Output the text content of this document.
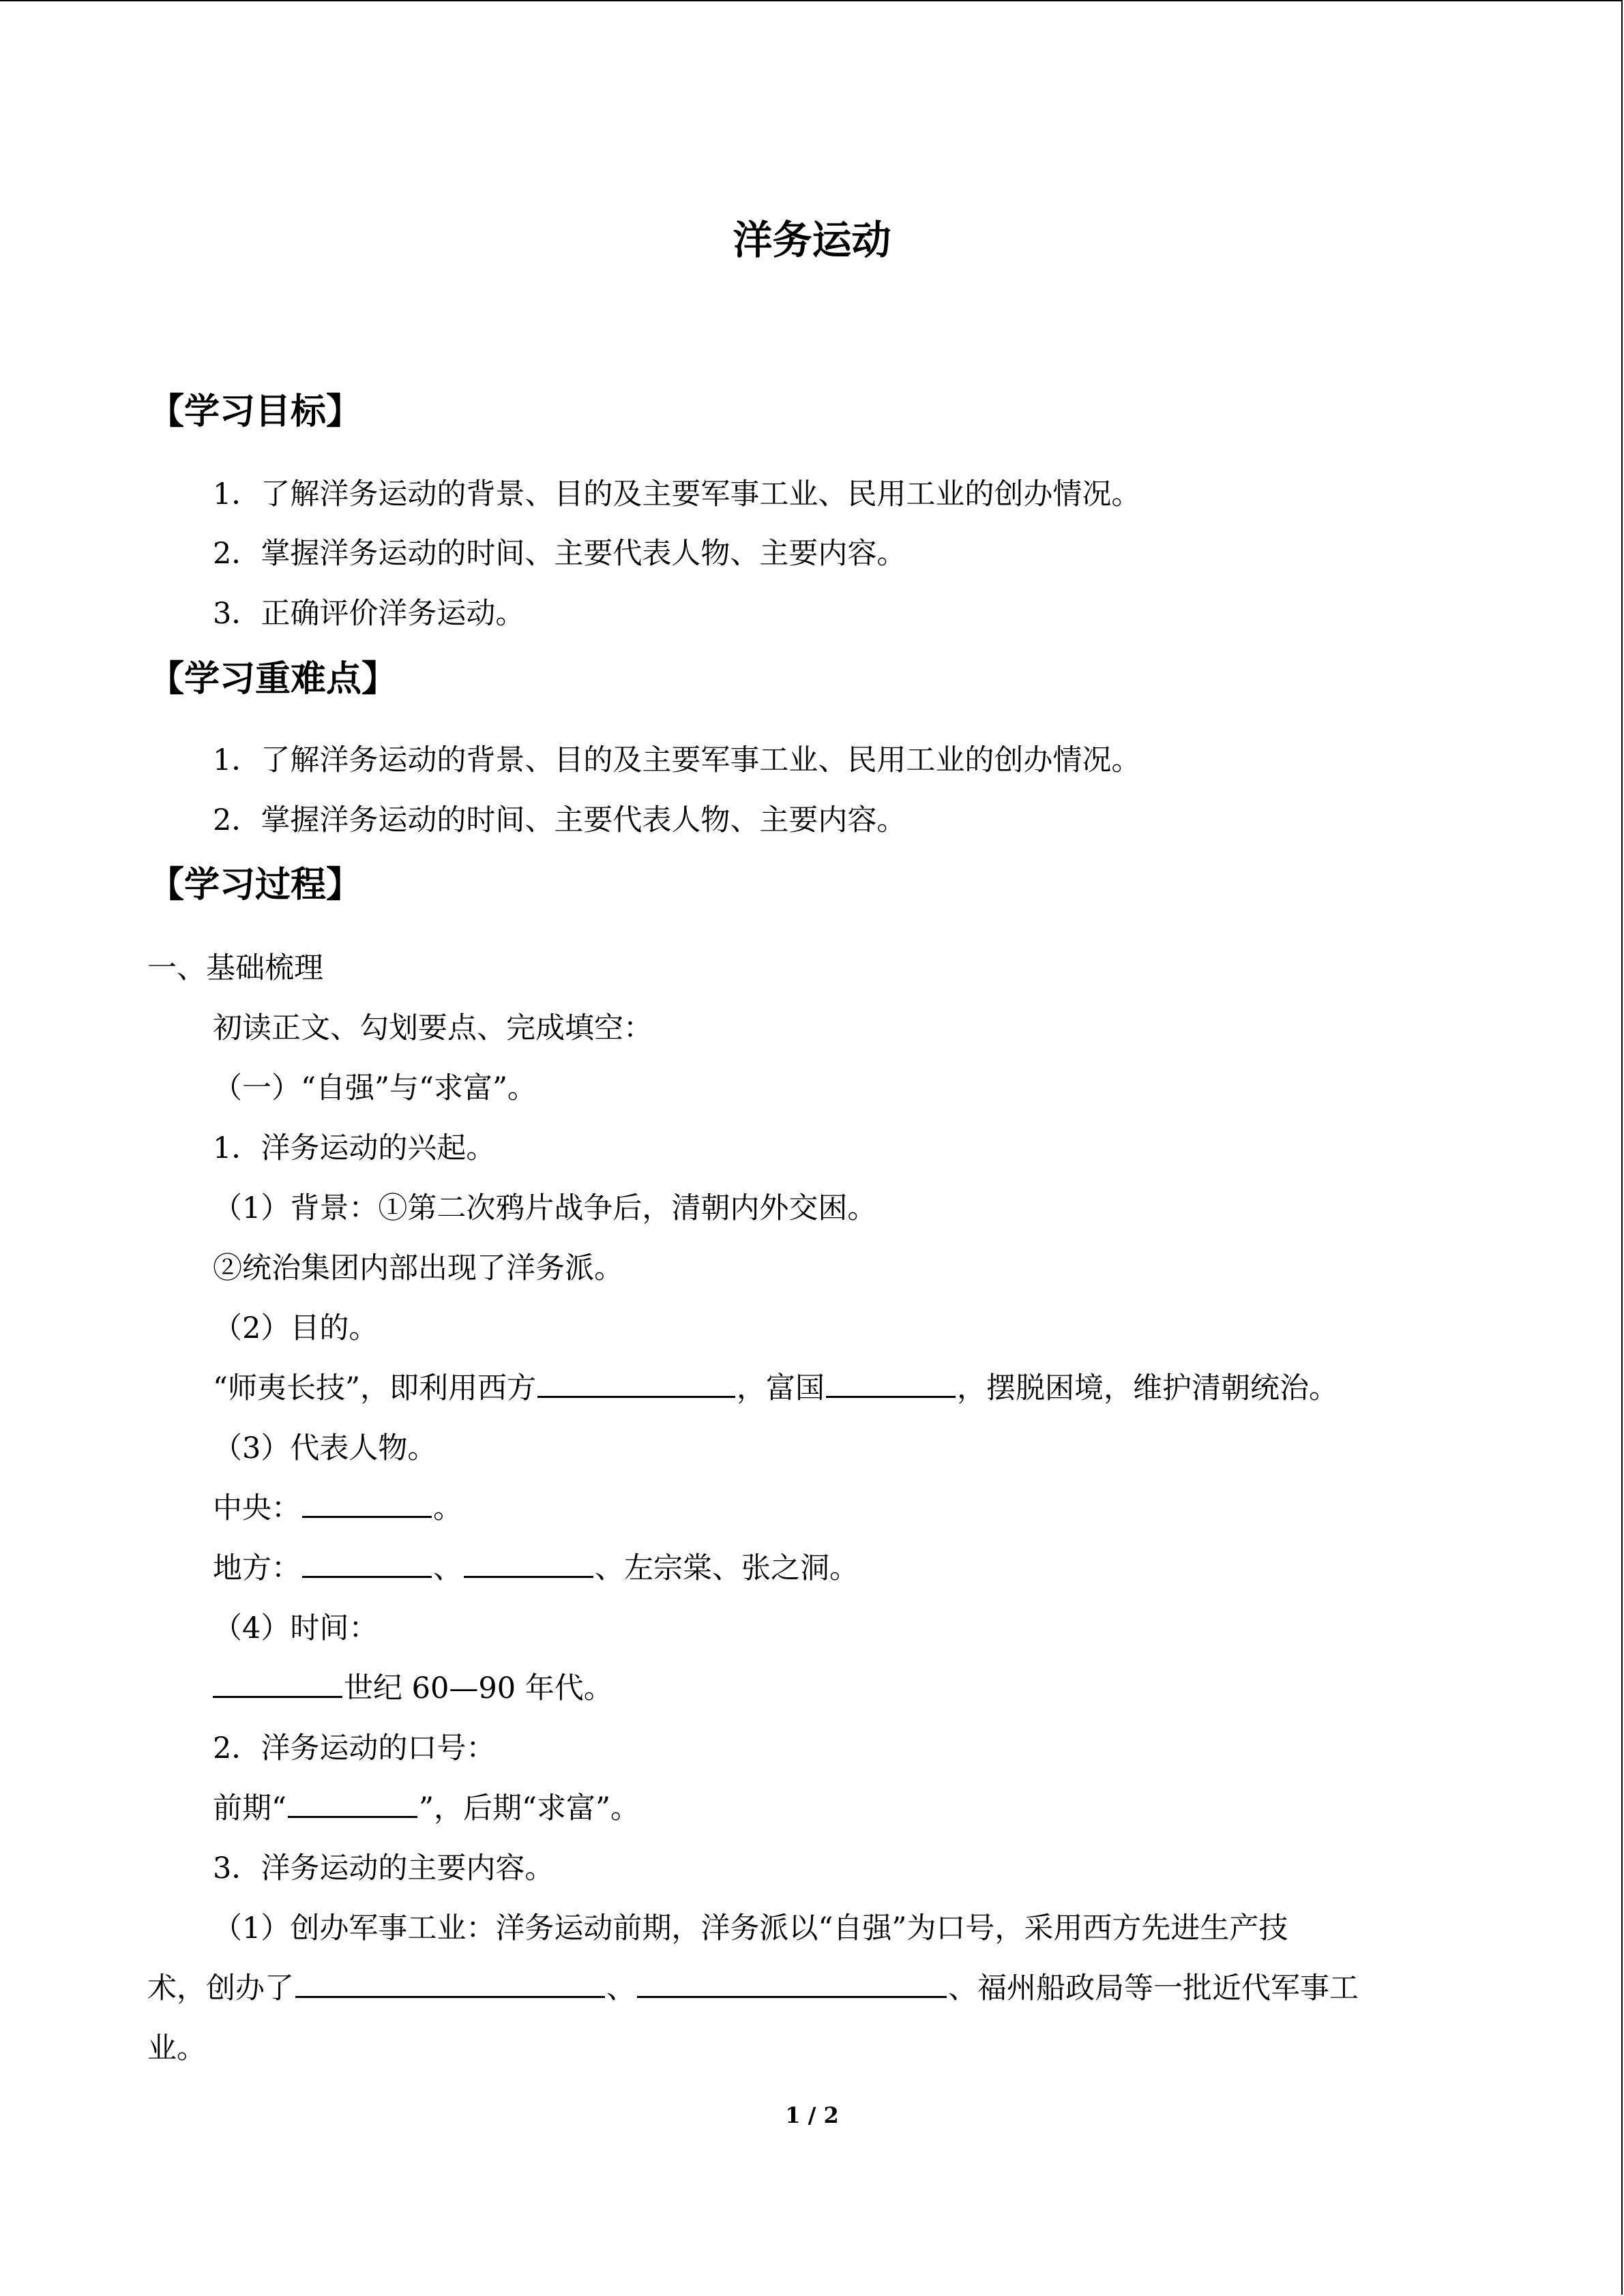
洋务运动
【学习目标】
1．了解洋务运动的背景、目的及主要军事工业、民用工业的创办情况。
2．掌握洋务运动的时间、主要代表人物、主要内容。
3．正确评价洋务运动。
【学习重难点】
1．了解洋务运动的背景、目的及主要军事工业、民用工业的创办情况。
2．掌握洋务运动的时间、主要代表人物、主要内容。
【学习过程】
一、基础梳理
初读正文、勾划要点、完成填空：
（一）“自强”与“求富”。
1．洋务运动的兴起。
（1）背景：①第二次鸦片战争后，清朝内外交困。
②统治集团内部出现了洋务派。
（2）目的。
“师夷长技”，即利用西方	，富国	，摆脱困境，维护清朝统治。
（3）代表人物。
中央：	。
地方：	、	、左宗棠、张之洞。
（4）时间：
世纪 60—90 年代。
2．洋务运动的口号：
前期“	”，后期“求富”。
3．洋务运动的主要内容。
（1）创办军事工业：洋务运动前期，洋务派以“自强”为口号，采用西方先进生产技
术，创办了	、	、福州船政局等一批近代军事工
业。
1 / 2
